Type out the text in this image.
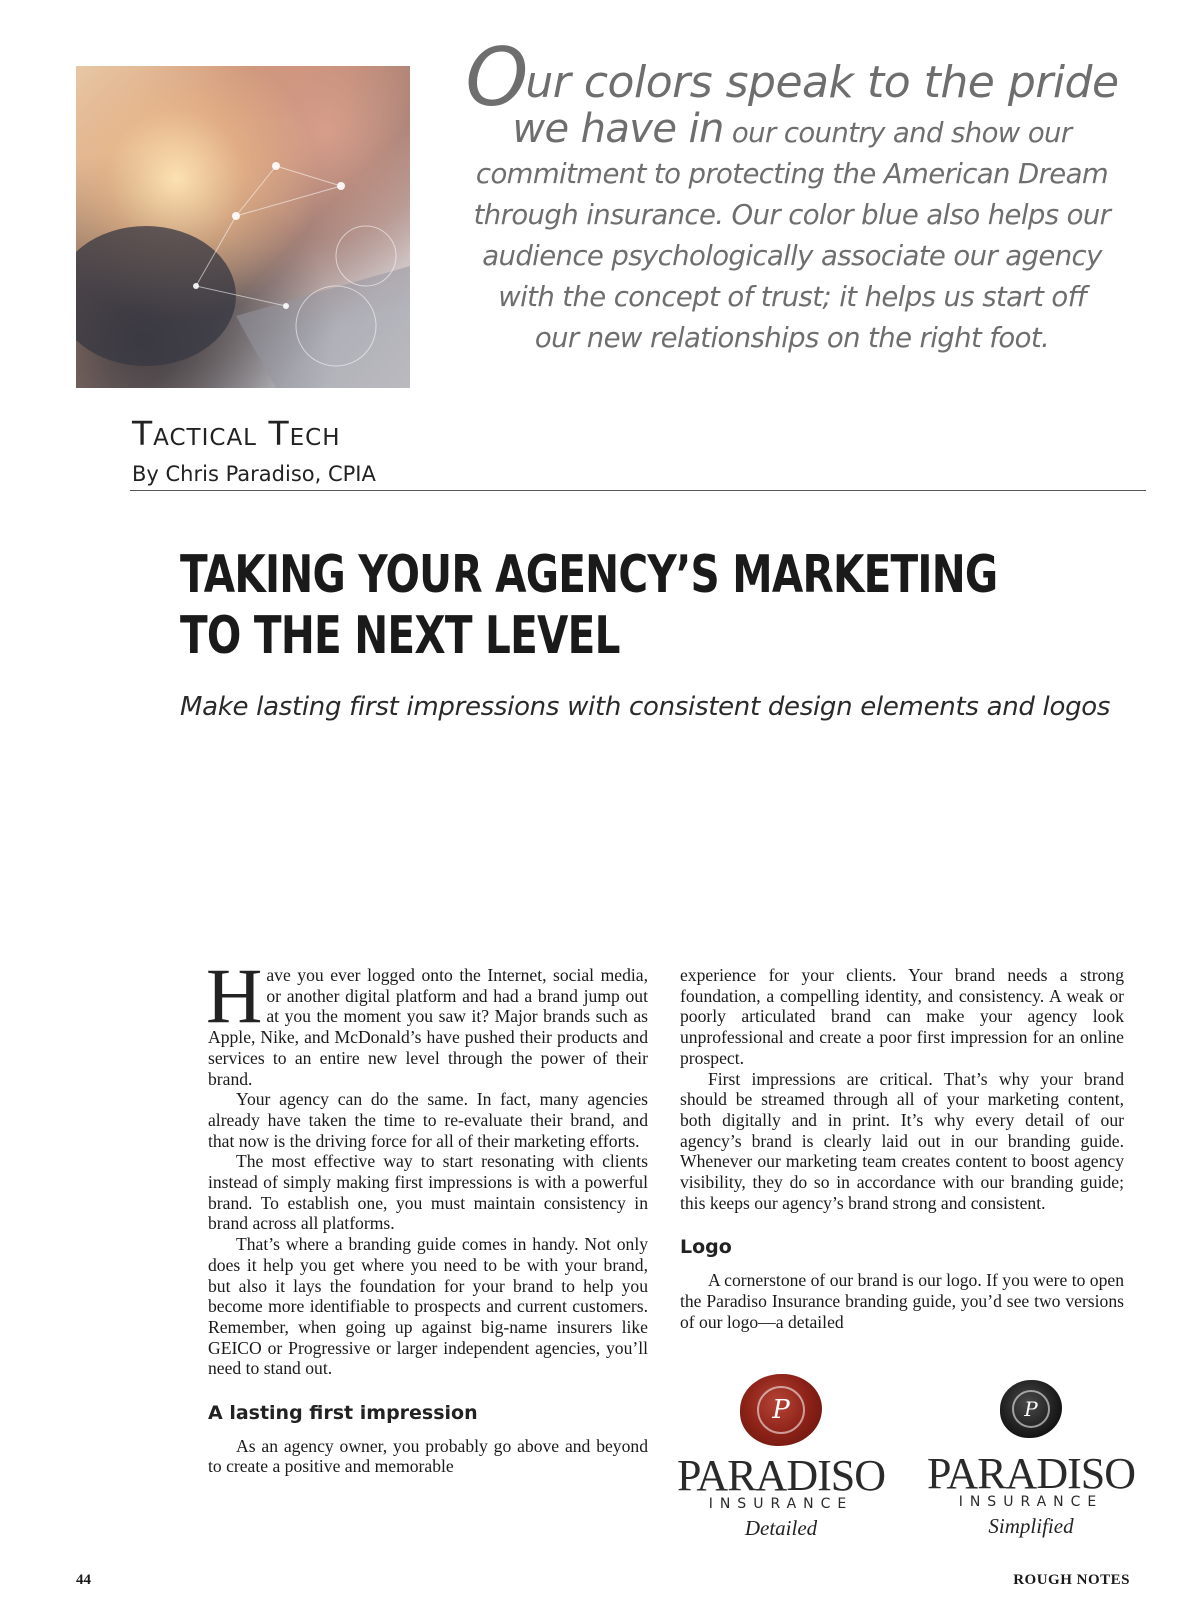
Our colors speak to the pride
we have in our country and show our
commitment to protecting the American Dream
through insurance. Our color blue also helps our
audience psychologically associate our agency
with the concept of trust; it helps us start off
our new relationships on the right foot.
Tactical Tech
By Chris Paradiso, CPIA
TAKING YOUR AGENCY’S MARKETING
TO THE NEXT LEVEL
Make lasting first impressions with consistent design elements and logos

Have you ever logged onto the Internet, social media, or another digital platform and had a brand jump out at you the moment you saw it? Major brands such as Apple, Nike, and McDonald’s have pushed their products and services to an entire new level through the power of their brand.

Your agency can do the same. In fact, many agencies already have taken the time to re-evaluate their brand, and that now is the driving force for all of their marketing efforts.

The most effective way to start resonating with clients instead of simply making first impressions is with a powerful brand. To establish one, you must maintain consistency in brand across all platforms.

That’s where a branding guide comes in handy. Not only does it help you get where you need to be with your brand, but also it lays the foundation for your brand to help you become more identifiable to prospects and current customers. Remember, when going up against big-name insurers like GEICO or Progressive or larger independent agencies, you’ll need to stand out.

A lasting first impression

As an agency owner, you probably go above and beyond to create a positive and memorable

experience for your clients. Your brand needs a strong foundation, a compelling identity, and consistency. A weak or poorly articulated brand can make your agency look unprofessional and create a poor first impression for an online prospect.

First impressions are critical. That’s why your brand should be streamed through all of your marketing content, both digitally and in print. It’s why every detail of our agency’s brand is clearly laid out in our branding guide. Whenever our marketing team creates content to boost agency visibility, they do so in accordance with our branding guide; this keeps our agency’s brand strong and consistent.

Logo

A cornerstone of our brand is our logo. If you were to open the Paradiso Insurance branding guide, you’d see two versions of our logo—a detailed

P
PARADISO
INSURANCE
Detailed
P
PARADISO
INSURANCE
Simplified
44	ROUGH NOTES
